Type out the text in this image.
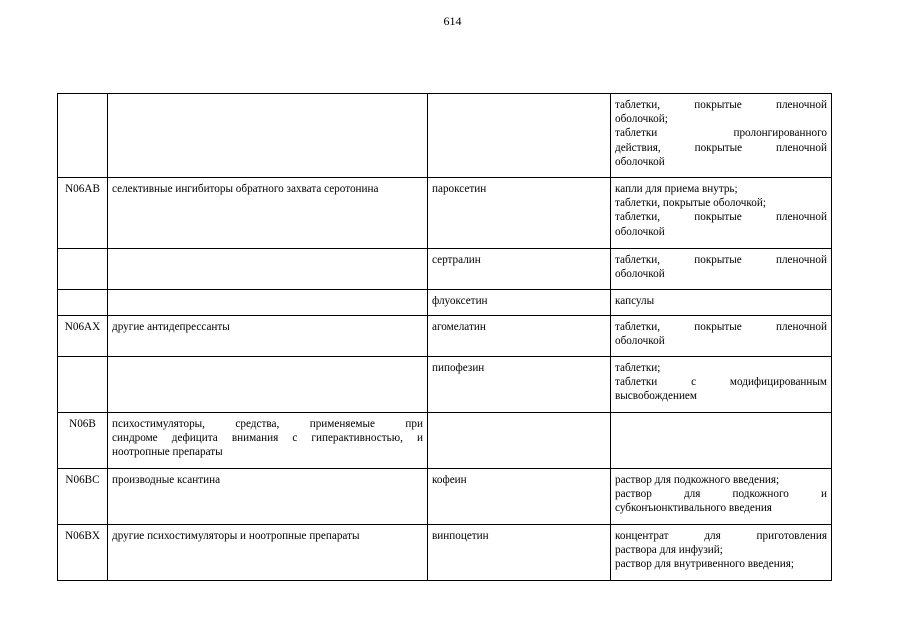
614

			таблетки, покрытые пленочной
оболочкой;
таблетки пролонгированного
действия, покрытые пленочной
оболочкой

N06AB	селективные ингибиторы обратного захвата серотонина	пароксетин	капли для приема внутрь;
таблетки, покрытые оболочкой;
таблетки, покрытые пленочной
оболочкой

		сертралин	таблетки, покрытые пленочной
оболочкой

		флуоксетин	капсулы

N06AX	другие антидепрессанты	агомелатин	таблетки, покрытые пленочной
оболочкой

		пипофезин	таблетки;
таблетки с модифицированным
высвобождением

N06B	психостимуляторы, средства, применяемые при
синдроме дефицита внимания с гиперактивностью, и
ноотропные препараты		

N06BC	производные ксантина	кофеин	раствор для подкожного введения;
раствор для подкожного и
субконъюнктивального введения

N06BX	другие психостимуляторы и ноотропные препараты	винпоцетин	концентрат для приготовления
раствора для инфузий;
раствор для внутривенного введения;
